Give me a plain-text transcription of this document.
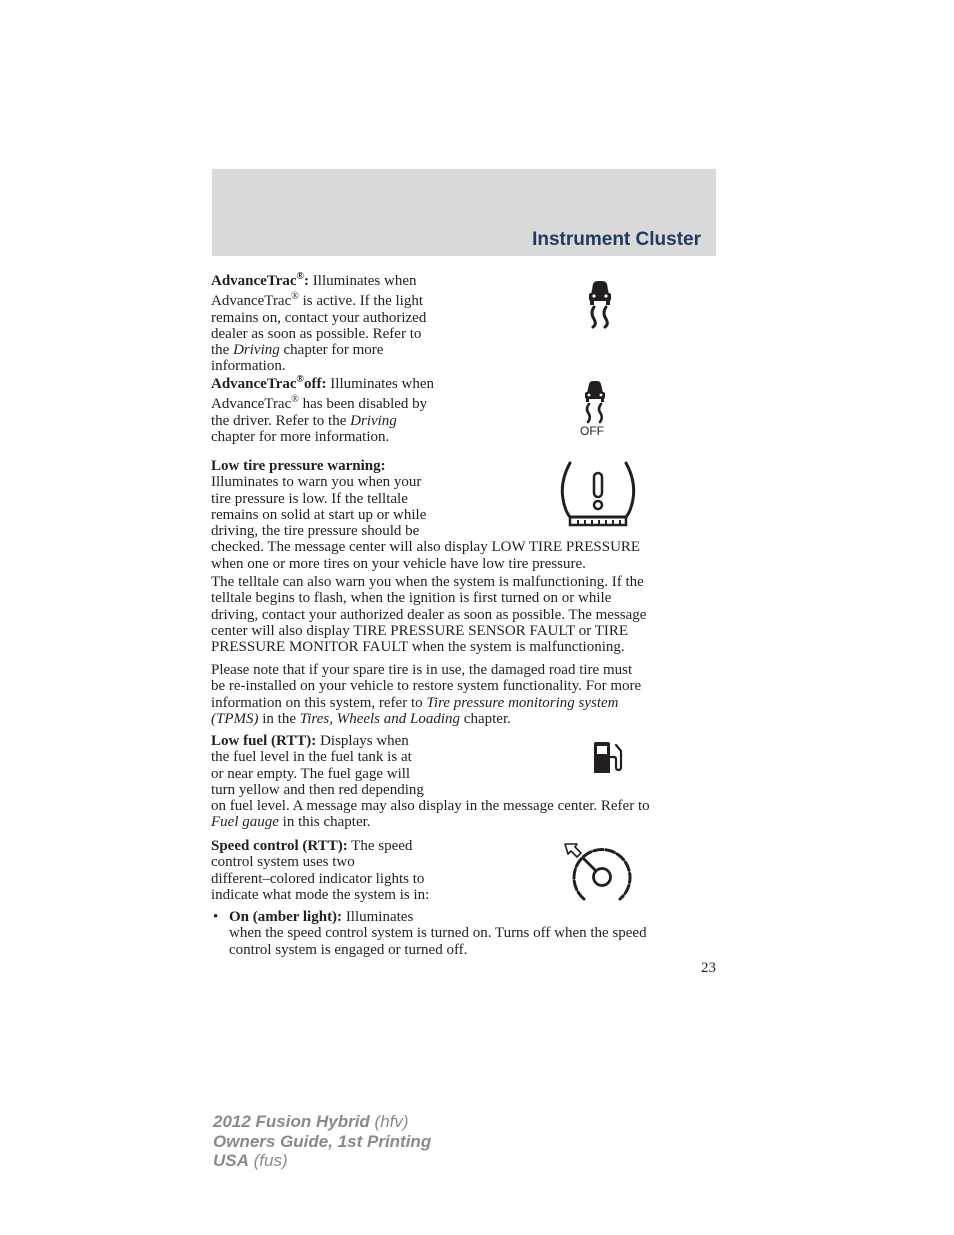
Instrument Cluster
AdvanceTrac®: Illuminates when
AdvanceTrac® is active. If the light
remains on, contact your authorized
dealer as soon as possible. Refer to
the Driving chapter for more
information.
AdvanceTrac®off: Illuminates when
AdvanceTrac® has been disabled by
the driver. Refer to the Driving
chapter for more information.	OFF
Low tire pressure warning:
Illuminates to warn you when your
tire pressure is low. If the telltale
remains on solid at start up or while
driving, the tire pressure should be
checked. The message center will also display LOW TIRE PRESSURE
when one or more tires on your vehicle have low tire pressure.
The telltale can also warn you when the system is malfunctioning. If the
telltale begins to flash, when the ignition is first turned on or while
driving, contact your authorized dealer as soon as possible. The message
center will also display TIRE PRESSURE SENSOR FAULT or TIRE
PRESSURE MONITOR FAULT when the system is malfunctioning.
Please note that if your spare tire is in use, the damaged road tire must
be re-installed on your vehicle to restore system functionality. For more
information on this system, refer to Tire pressure monitoring system
(TPMS) in the Tires, Wheels and Loading chapter.
Low fuel (RTT): Displays when
the fuel level in the fuel tank is at
or near empty. The fuel gage will
turn yellow and then red depending
on fuel level. A message may also display in the message center. Refer to
Fuel gauge in this chapter.
Speed control (RTT): The speed
control system uses two
different–colored indicator lights to
indicate what mode the system is in:
• On (amber light): Illuminates
when the speed control system is turned on. Turns off when the speed
control system is engaged or turned off.
23
2012 Fusion Hybrid (hfv)
Owners Guide, 1st Printing
USA (fus)
